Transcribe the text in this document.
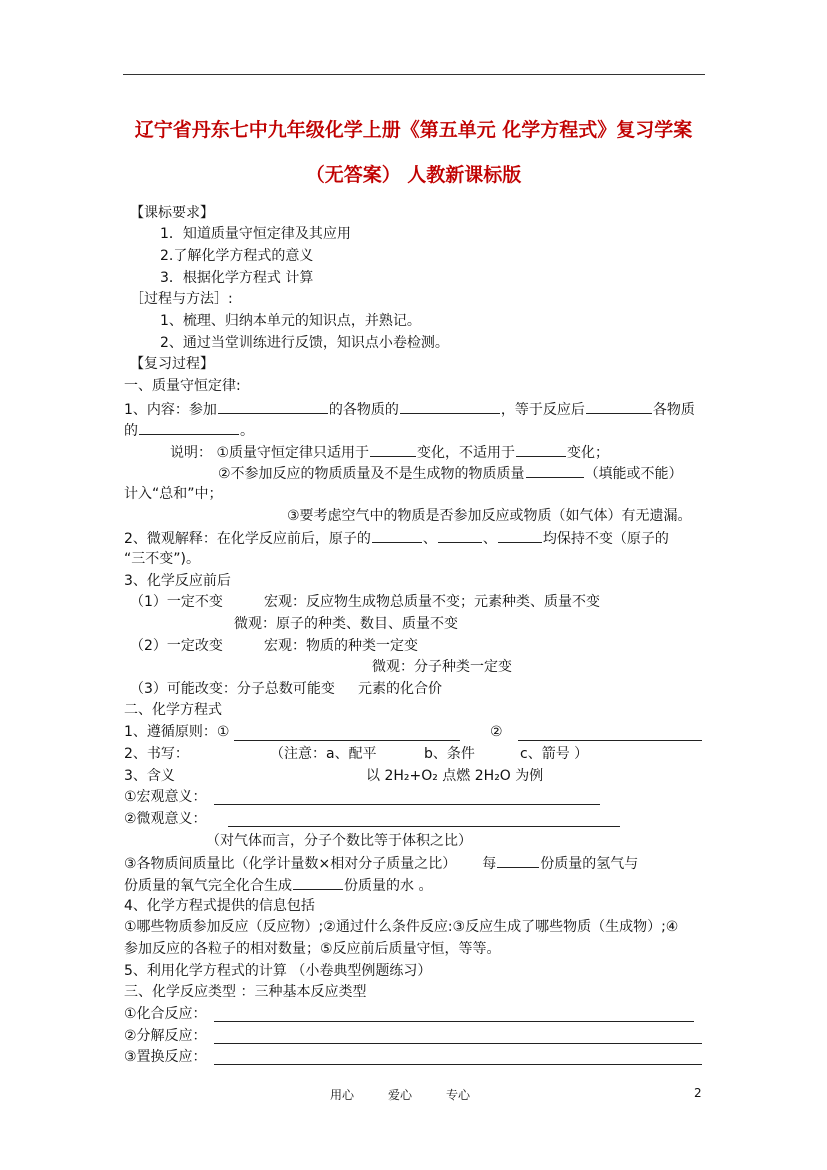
辽宁省丹东七中九年级化学上册《第五单元 化学方程式》复习学案
（无答案） 人教新课标版
【课标要求】
1．知道质量守恒定律及其应用
2.了解化学方程式的意义
3．根据化学方程式 计算
［过程与方法］:
1、梳理、归纳本单元的知识点，并熟记。
2、通过当堂训练进行反馈，知识点小卷检测。
【复习过程】
一、质量守恒定律:
1、内容：参加	的各物质的	，等于反应后	各物质
的	。
说明： ①质量守恒定律只适用于	变化，不适用于	变化；
②不参加反应的物质质量及不是生成物的物质质量	（填能或不能）
计入“总和”中；
③要考虑空气中的物质是否参加反应或物质（如气体）有无遗漏。
2、微观解释：在化学反应前后，原子的	、	、	均保持不变（原子的
“三不变”)。
3、化学反应前后
（1）一定不变	宏观：反应物生成物总质量不变；元素种类、质量不变
微观：原子的种类、数目、质量不变
（2）一定改变	宏观：物质的种类一定变
微观：分子种类一定变
（3）可能改变：分子总数可能变 元素的化合价
二、化学方程式
1、遵循原则：①	②
2、书写：	（注意：a、配平	b、条件	c、箭号 ）
3、含义	以 2H₂+O₂ 点燃 2H₂O 为例
①宏观意义：
②微观意义：
（对气体而言，分子个数比等于体积之比）
③各物质间质量比（化学计量数×相对分子质量之比） 每	份质量的氢气与
份质量的氧气完全化合生成	份质量的水 。
4、化学方程式提供的信息包括
①哪些物质参加反应（反应物）;②通过什么条件反应:③反应生成了哪些物质（生成物）;④
参加反应的各粒子的相对数量；⑤反应前后质量守恒，等等。
5、利用化学方程式的计算 （小卷典型例题练习）
三、化学反应类型 ：三种基本反应类型
①化合反应：
②分解反应：
③置换反应：
用心	爱心	专心	2
